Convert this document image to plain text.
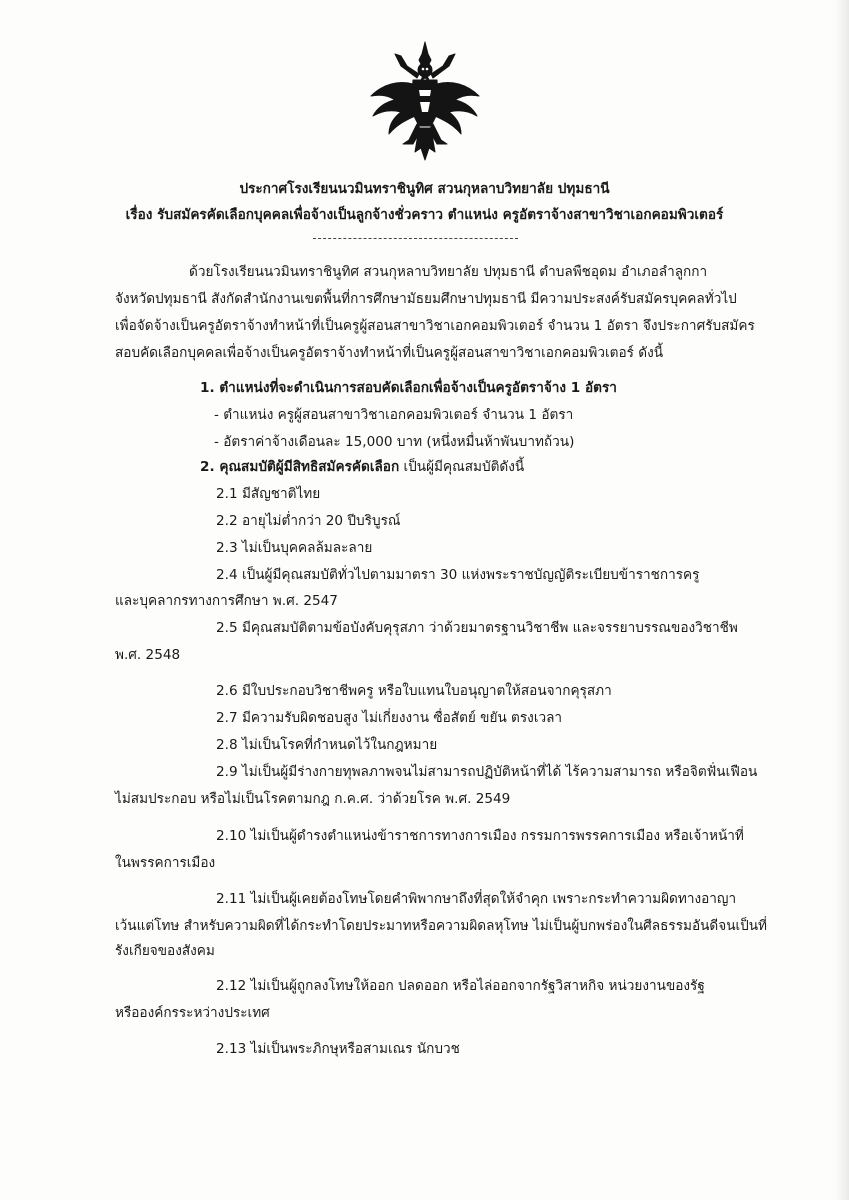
ประกาศโรงเรียนนวมินทราชินูทิศ สวนกุหลาบวิทยาลัย ปทุมธานี
เรื่อง รับสมัครคัดเลือกบุคคลเพื่อจ้างเป็นลูกจ้างชั่วคราว ตำแหน่ง ครูอัตราจ้างสาขาวิชาเอกคอมพิวเตอร์
ด้วยโรงเรียนนวมินทราชินูทิศ สวนกุหลาบวิทยาลัย ปทุมธานี ตำบลพืชอุดม อำเภอลำลูกกา
จังหวัดปทุมธานี สังกัดสำนักงานเขตพื้นที่การศึกษามัธยมศึกษาปทุมธานี มีความประสงค์รับสมัครบุคคลทั่วไป
เพื่อจัดจ้างเป็นครูอัตราจ้างทำหน้าที่เป็นครูผู้สอนสาขาวิชาเอกคอมพิวเตอร์ จำนวน 1 อัตรา จึงประกาศรับสมัคร
สอบคัดเลือกบุคคลเพื่อจ้างเป็นครูอัตราจ้างทำหน้าที่เป็นครูผู้สอนสาขาวิชาเอกคอมพิวเตอร์ ดังนี้
1. ตำแหน่งที่จะดำเนินการสอบคัดเลือกเพื่อจ้างเป็นครูอัตราจ้าง 1 อัตรา
- ตำแหน่ง ครูผู้สอนสาขาวิชาเอกคอมพิวเตอร์ จำนวน 1 อัตรา
- อัตราค่าจ้างเดือนละ 15,000 บาท (หนึ่งหมื่นห้าพันบาทถ้วน)
2. คุณสมบัติผู้มีสิทธิสมัครคัดเลือก เป็นผู้มีคุณสมบัติดังนี้
2.1 มีสัญชาติไทย
2.2 อายุไม่ต่ำกว่า 20 ปีบริบูรณ์
2.3 ไม่เป็นบุคคลล้มละลาย
2.4 เป็นผู้มีคุณสมบัติทั่วไปตามมาตรา 30 แห่งพระราชบัญญัติระเบียบข้าราชการครู
และบุคลากรทางการศึกษา พ.ศ. 2547
2.5 มีคุณสมบัติตามข้อบังคับคุรุสภา ว่าด้วยมาตรฐานวิชาชีพ และจรรยาบรรณของวิชาชีพ
พ.ศ. 2548
2.6 มีใบประกอบวิชาชีพครู หรือใบแทนใบอนุญาตให้สอนจากคุรุสภา
2.7 มีความรับผิดชอบสูง ไม่เกี่ยงงาน ซื่อสัตย์ ขยัน ตรงเวลา
2.8 ไม่เป็นโรคที่กำหนดไว้ในกฎหมาย
2.9 ไม่เป็นผู้มีร่างกายทุพลภาพจนไม่สามารถปฏิบัติหน้าที่ได้ ไร้ความสามารถ หรือจิตฟั่นเฟือน
ไม่สมประกอบ หรือไม่เป็นโรคตามกฎ ก.ค.ศ. ว่าด้วยโรค พ.ศ. 2549
2.10 ไม่เป็นผู้ดำรงตำแหน่งข้าราชการทางการเมือง กรรมการพรรคการเมือง หรือเจ้าหน้าที่
ในพรรคการเมือง
2.11 ไม่เป็นผู้เคยต้องโทษโดยคำพิพากษาถึงที่สุดให้จำคุก เพราะกระทำความผิดทางอาญา
เว้นแต่โทษ สำหรับความผิดที่ได้กระทำโดยประมาทหรือความผิดลหุโทษ ไม่เป็นผู้บกพร่องในศีลธรรมอันดีจนเป็นที่
รังเกียจของสังคม
2.12 ไม่เป็นผู้ถูกลงโทษให้ออก ปลดออก หรือไล่ออกจากรัฐวิสาหกิจ หน่วยงานของรัฐ
หรือองค์กรระหว่างประเทศ
2.13 ไม่เป็นพระภิกษุหรือสามเณร นักบวช
